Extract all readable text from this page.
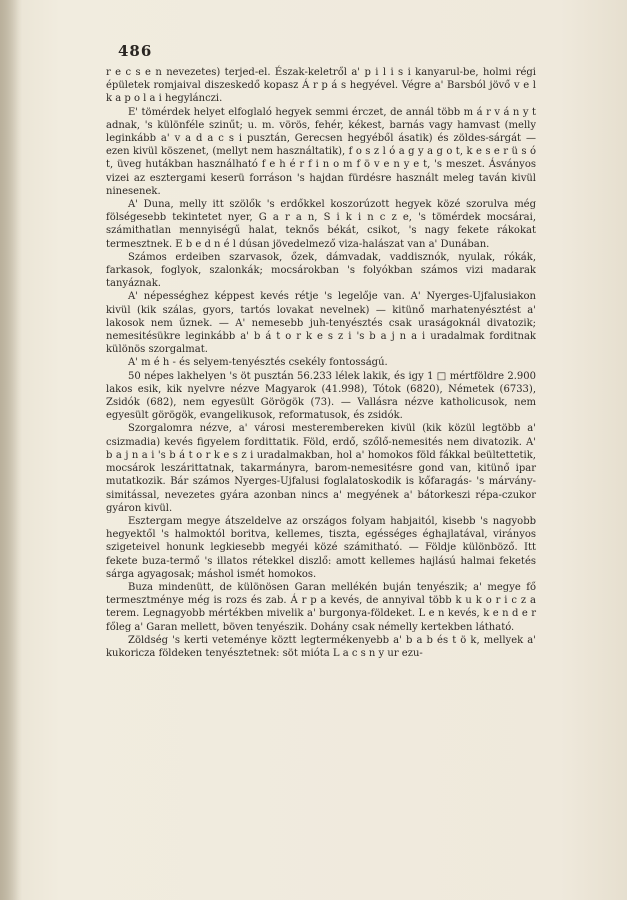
486

r e c s e n nevezetes) terjed-el. Észak-keletről a' p i l i s i kanyarul-be, holmi régi épületek romjaival diszeskedő kopasz Á r p á s hegyével. Végre a' Barsból jövő v e l k a p o l a i hegylánczi.

E' tömérdek helyet elfoglaló hegyek semmi érczet, de annál több m á r v á n y t adnak, 's különféle szinűt; u. m. vörös, fehér, kékest, barnás vagy hamvast (melly leginkább a' v a d a c s i pusztán, Gerecsen hegyéből ásatik) és zöldes-sárgát — ezen kivül köszenet, (mellyt nem használtatik), f o s z l ó a g y a g o t, k e s e r ü s ó t, üveg hutákban használható f e h é r f i n o m f ö v e n y e t, 's meszet. Ásványos vizei az esztergami keserü forráson 's hajdan fürdésre használt meleg taván kivül ninesenek.

A' Duna, melly itt szölők 's erdőkkel koszorúzott hegyek közé szorulva még fölségesebb tekintetet nyer, G a r a n, S i k i n c z e, 's tömérdek mocsárai, számithatlan mennyiségű halat, teknős békát, csikot, 's nagy fekete rákokat termesztnek. E b e d n é l dúsan jövedelmező viza-halászat van a' Dunában.

Számos erdeiben szarvasok, őzek, dámvadak, vaddisznók, nyulak, rókák, farkasok, foglyok, szalonkák; mocsárokban 's folyókban számos vizi madarak tanyáznak.

A' népességhez képpest kevés rétje 's legelője van. A' Nyerges-Ujfalusiakon kivül (kik szálas, gyors, tartós lovakat nevelnek) — kitünő marhatenyésztést a' lakosok nem űznek. — A' nemesebb juh-tenyésztés csak uraságoknál divatozik; nemesitésükre leginkább a' b á t o r k e s z i 's b a j n a i uradalmak forditnak különös szorgalmat.

A' m é h - és selyem-tenyésztés csekély fontosságú.

50 népes lakhelyen 's öt pusztán 56.233 lélek lakik, és igy 1 □ mértföldre 2.900 lakos esik, kik nyelvre nézve Magyarok (41.998), Tótok (6820), Németek (6733), Zsidók (682), nem egyesült Görögök (73). — Vallásra nézve katholicusok, nem egyesült görögök, evangelikusok, reformatusok, és zsidók.

Szorgalomra nézve, a' városi mesterembereken kivül (kik közül legtöbb a' csizmadia) kevés figyelem fordittatik. Föld, erdő, szőlő-nemesités nem divatozik. A' b a j n a i 's b á t o r k e s z i uradalmakban, hol a' homokos föld fákkal beültettetik, mocsárok leszárittatnak, takarmányra, barom-nemesitésre gond van, kitünő ipar mutatkozik. Bár számos Nyerges-Ujfalusi foglalatoskodik is kőfaragás- 's márvány-simitással, nevezetes gyára azonban nincs a' megyének a' bátorkeszi répa-czukor gyáron kivül.

Esztergam megye átszeldelve az országos folyam habjaitól, kisebb 's nagyobb hegyektől 's halmoktól boritva, kellemes, tiszta, egésséges éghajlatával, virányos szigeteivel honunk legkiesebb megyéi közé számitható. — Földje különböző. Itt fekete buza-termő 's illatos rétekkel diszlő: amott kellemes hajlású halmai feketés sárga agyagosak; máshol ismét homokos.

Buza mindenütt, de különösen Garan mellékén buján tenyészik; a' megye fő termesztménye még is rozs és zab. Á r p a kevés, de annyival több k u k o r i c z a terem. Legnagyobb mértékben mivelik a' burgonya-földeket. L e n kevés, k e n d e r főleg a' Garan mellett, böven tenyészik. Dohány csak némelly kertekben látható.

Zöldség 's kerti veteménye köztt legtermékenyebb a' b a b és t ö k, mellyek a' kukoricza földeken tenyésztetnek: söt mióta L a c s n y ur ezu-
